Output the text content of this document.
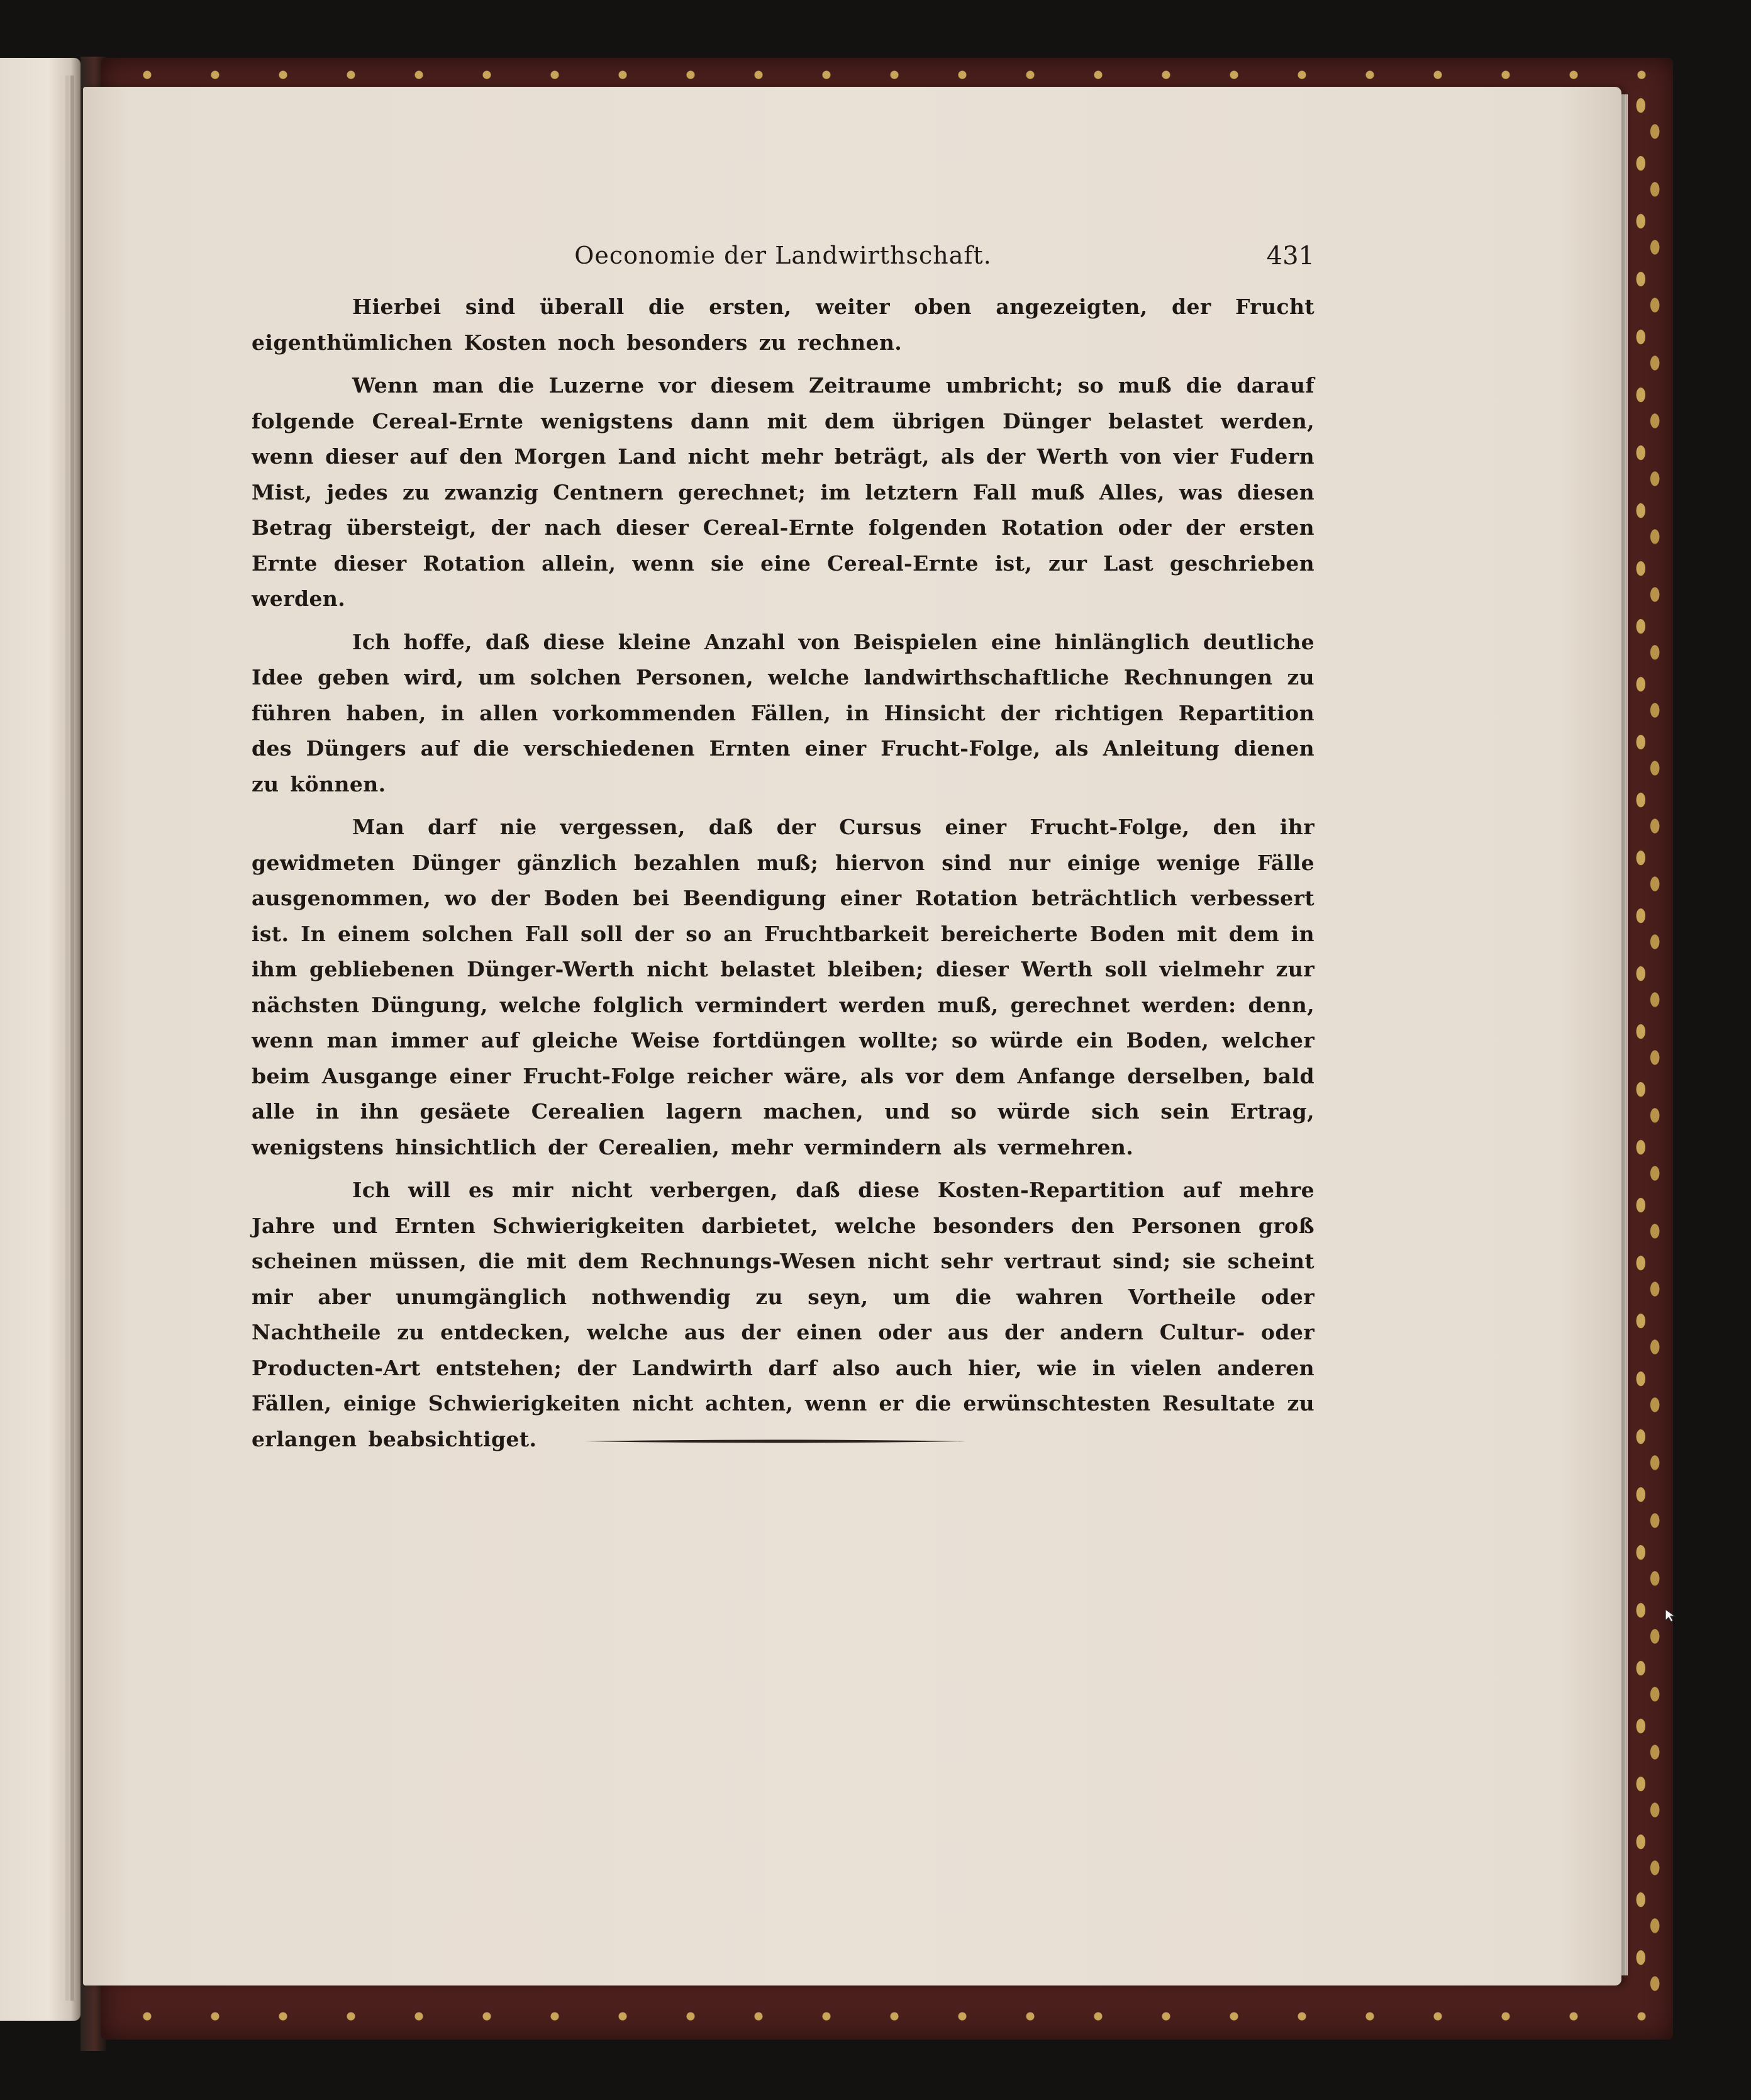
Oeconomie der Landwirthschaft.	431

Hierbei sind überall die ersten, weiter oben angezeigten, der Frucht eigenthümlichen Kosten noch besonders zu rechnen.

Wenn man die Luzerne vor diesem Zeitraume umbricht; so muß die darauf folgende Cereal-Ernte wenigstens dann mit dem übrigen Dünger belastet werden, wenn dieser auf den Morgen Land nicht mehr beträgt, als der Werth von vier Fudern Mist, jedes zu zwanzig Centnern gerechnet; im letztern Fall muß Alles, was diesen Betrag übersteigt, der nach dieser Cereal-Ernte folgenden Rotation oder der ersten Ernte dieser Rotation allein, wenn sie eine Cereal-Ernte ist, zur Last geschrieben werden.

Ich hoffe, daß diese kleine Anzahl von Beispielen eine hinlänglich deutliche Idee geben wird, um solchen Personen, welche landwirthschaftliche Rechnungen zu führen haben, in allen vorkommenden Fällen, in Hinsicht der richtigen Repartition des Düngers auf die verschiedenen Ernten einer Frucht-Folge, als Anleitung dienen zu können.

Man darf nie vergessen, daß der Cursus einer Frucht-Folge, den ihr gewidmeten Dünger gänzlich bezahlen muß; hiervon sind nur einige wenige Fälle ausgenommen, wo der Boden bei Beendigung einer Rotation beträchtlich verbessert ist. In einem solchen Fall soll der so an Fruchtbarkeit bereicherte Boden mit dem in ihm gebliebenen Dünger-Werth nicht belastet bleiben; dieser Werth soll vielmehr zur nächsten Düngung, welche folglich vermindert werden muß, gerechnet werden: denn, wenn man immer auf gleiche Weise fortdüngen wollte; so würde ein Boden, welcher beim Ausgange einer Frucht-Folge reicher wäre, als vor dem Anfange derselben, bald alle in ihn gesäete Cerealien lagern machen, und so würde sich sein Ertrag, wenigstens hinsichtlich der Cerealien, mehr vermindern als vermehren.

Ich will es mir nicht verbergen, daß diese Kosten-Repartition auf mehre Jahre und Ernten Schwierigkeiten darbietet, welche besonders den Personen groß scheinen müssen, die mit dem Rechnungs-Wesen nicht sehr vertraut sind; sie scheint mir aber unumgänglich nothwendig zu seyn, um die wahren Vortheile oder Nachtheile zu entdecken, welche aus der einen oder aus der andern Cultur- oder Producten-Art entstehen; der Landwirth darf also auch hier, wie in vielen anderen Fällen, einige Schwierigkeiten nicht achten, wenn er die erwünschtesten Resultate zu erlangen beabsichtiget.
